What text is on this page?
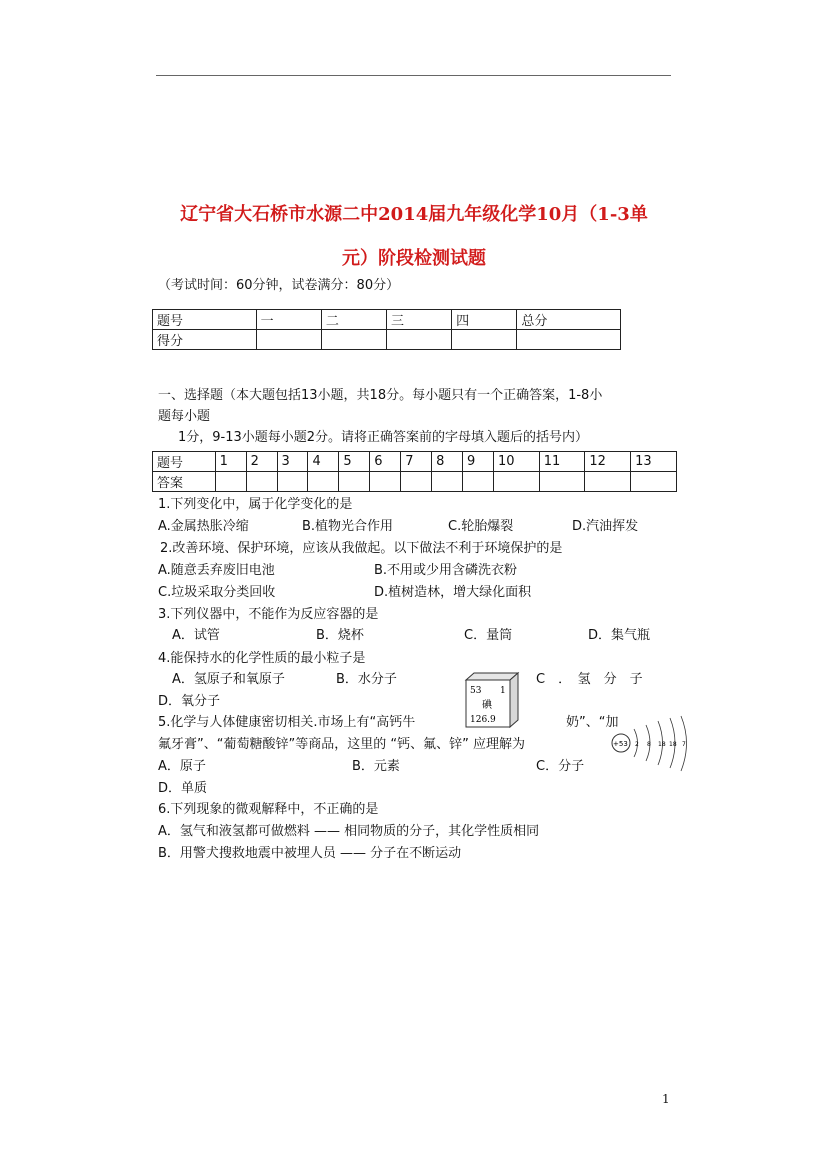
辽宁省大石桥市水源二中2014届九年级化学10月（1-3单
元）阶段检测试题
（考试时间：60分钟，试卷满分：80分）
题号	一	二	三	四	总分
得分					
一、选择题（本大题包括13小题，共18分。每小题只有一个正确答案，1-8小
题每小题
1分，9-13小题每小题2分。请将正确答案前的字母填入题后的括号内）
题号	1	2	3	4	5	6	7	8	9	10	11	12	13
答案													
1.下列变化中，属于化学变化的是
A.金属热胀冷缩	B.植物光合作用	C.轮胎爆裂	D.汽油挥发
2.改善环境、保护环境，应该从我做起。以下做法不利于环境保护的是
A.随意丢弃废旧电池	B.不用或少用含磷洗衣粉
C.垃圾采取分类回收	D.植树造林，增大绿化面积
3.下列仪器中，不能作为反应容器的是
A．试管	B．烧杯	C．量筒	D．集气瓶
4.能保持水的化学性质的最小粒子是
A．氢原子和氧原子	B．水分子	C　．　氢　分　子
D．氧分子
53 1
碘
126.9
5.化学与人体健康密切相关.市场上有“高钙牛	奶”、“加
氟牙膏”、“葡萄糖酸锌”等商品，这里的 “钙、氟、锌” 应理解为
A．原子	B．元素	C．分子
D．单质
+53 2 8 18 18 7
6.下列现象的微观解释中，不正确的是
A．氢气和液氢都可做燃料 —— 相同物质的分子，其化学性质相同
B．用警犬搜救地震中被埋人员 —— 分子在不断运动
1
